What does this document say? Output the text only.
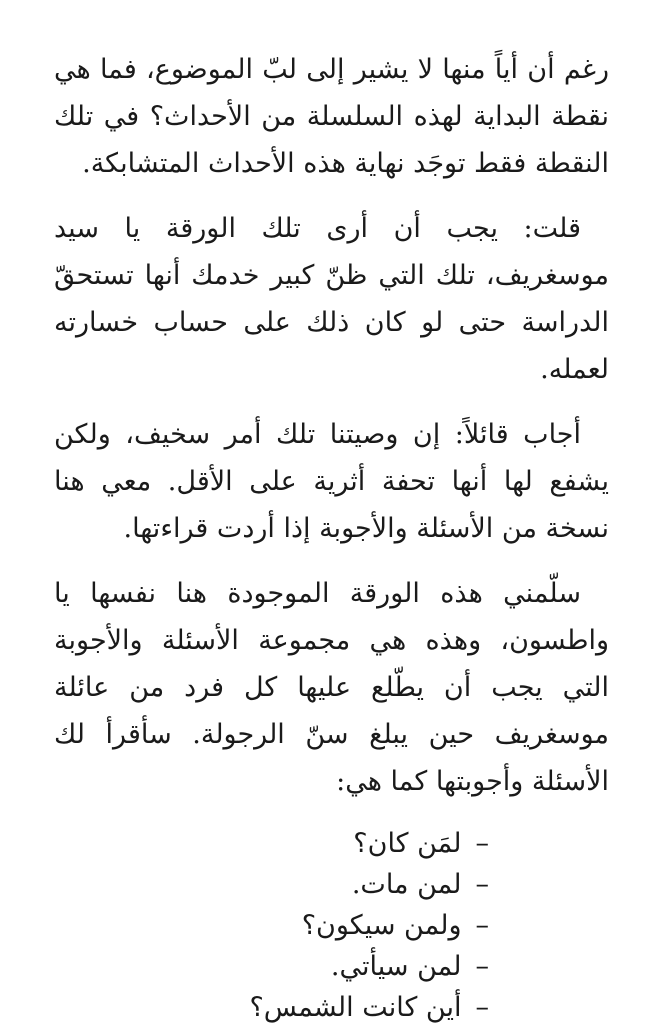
رغم أن أياً منها لا يشير إلى لبّ الموضوع، فما هي نقطة البداية لهذه السلسلة من الأحداث؟ في تلك النقطة فقط توجَد نهاية هذه الأحداث المتشابكة.

قلت: يجب أن أرى تلك الورقة يا سيد موسغريف، تلك التي ظنّ كبير خدمك أنها تستحقّ الدراسة حتى لو كان ذلك على حساب خسارته لعمله.

أجاب قائلاً: إن وصيتنا تلك أمر سخيف، ولكن يشفع لها أنها تحفة أثرية على الأقل. معي هنا نسخة من الأسئلة والأجوبة إذا أردت قراءتها.

سلّمني هذه الورقة الموجودة هنا نفسها يا واطسون، وهذه هي مجموعة الأسئلة والأجوبة التي يجب أن يطّلع عليها كل فرد من عائلة موسغريف حين يبلغ سنّ الرجولة. سأقرأ لك الأسئلة وأجوبتها كما هي:

–
لمَن كان؟
–
لمن مات.
–
ولمن سيكون؟
–
لمن سيأتي.
–
أين كانت الشمس؟
